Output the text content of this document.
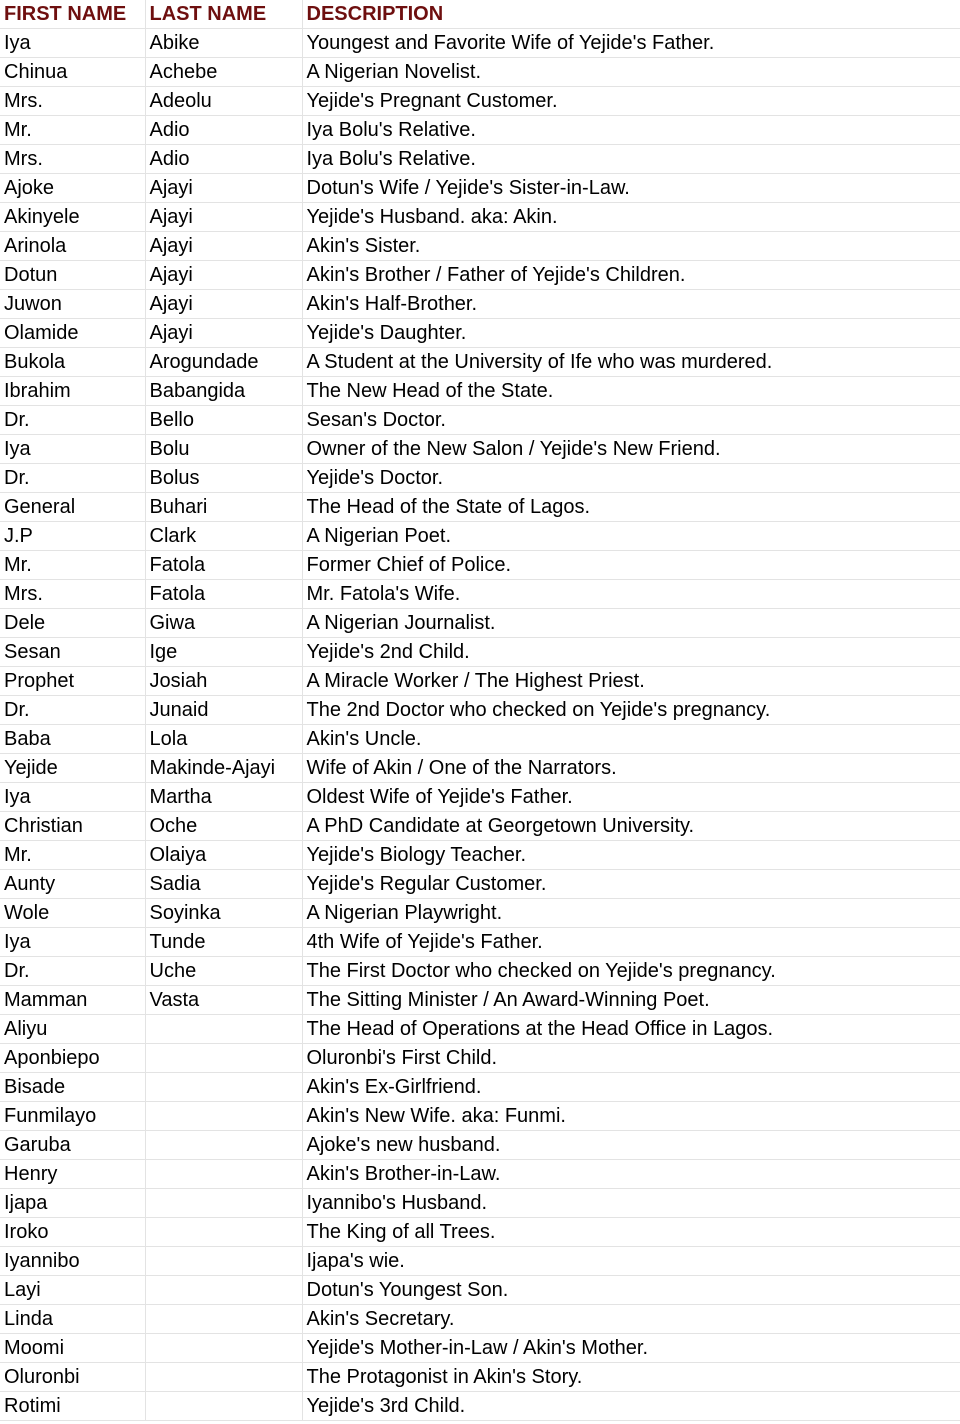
FIRST NAME	LAST NAME	DESCRIPTION
Iya	Abike	Youngest and Favorite Wife of Yejide's Father.
Chinua	Achebe	A Nigerian Novelist.
Mrs.	Adeolu	Yejide's Pregnant Customer.
Mr.	Adio	Iya Bolu's Relative.
Mrs.	Adio	Iya Bolu's Relative.
Ajoke	Ajayi	Dotun's Wife / Yejide's Sister-in-Law.
Akinyele	Ajayi	Yejide's Husband. aka: Akin.
Arinola	Ajayi	Akin's Sister.
Dotun	Ajayi	Akin's Brother / Father of Yejide's Children.
Juwon	Ajayi	Akin's Half-Brother.
Olamide	Ajayi	Yejide's Daughter.
Bukola	Arogundade	A Student at the University of Ife who was murdered.
Ibrahim	Babangida	The New Head of the State.
Dr.	Bello	Sesan's Doctor.
Iya	Bolu	Owner of the New Salon / Yejide's New Friend.
Dr.	Bolus	Yejide's Doctor.
General	Buhari	The Head of the State of Lagos.
J.P	Clark	A Nigerian Poet.
Mr.	Fatola	Former Chief of Police.
Mrs.	Fatola	Mr. Fatola's Wife.
Dele	Giwa	A Nigerian Journalist.
Sesan	Ige	Yejide's 2nd Child.
Prophet	Josiah	A Miracle Worker / The Highest Priest.
Dr.	Junaid	The 2nd Doctor who checked on Yejide's pregnancy.
Baba	Lola	Akin's Uncle.
Yejide	Makinde-Ajayi	Wife of Akin / One of the Narrators.
Iya	Martha	Oldest Wife of Yejide's Father.
Christian	Oche	A PhD Candidate at Georgetown University.
Mr.	Olaiya	Yejide's Biology Teacher.
Aunty	Sadia	Yejide's Regular Customer.
Wole	Soyinka	A Nigerian Playwright.
Iya	Tunde	4th Wife of Yejide's Father.
Dr.	Uche	The First Doctor who checked on Yejide's pregnancy.
Mamman	Vasta	The Sitting Minister / An Award-Winning Poet.
Aliyu		The Head of Operations at the Head Office in Lagos.
Aponbiepo		Oluronbi's First Child.
Bisade		Akin's Ex-Girlfriend.
Funmilayo		Akin's New Wife. aka: Funmi.
Garuba		Ajoke's new husband.
Henry		Akin's Brother-in-Law.
Ijapa		Iyannibo's Husband.
Iroko		The King of all Trees.
Iyannibo		Ijapa's wie.
Layi		Dotun's Youngest Son.
Linda		Akin's Secretary.
Moomi		Yejide's Mother-in-Law / Akin's Mother.
Oluronbi		The Protagonist in Akin's Story.
Rotimi		Yejide's 3rd Child.
